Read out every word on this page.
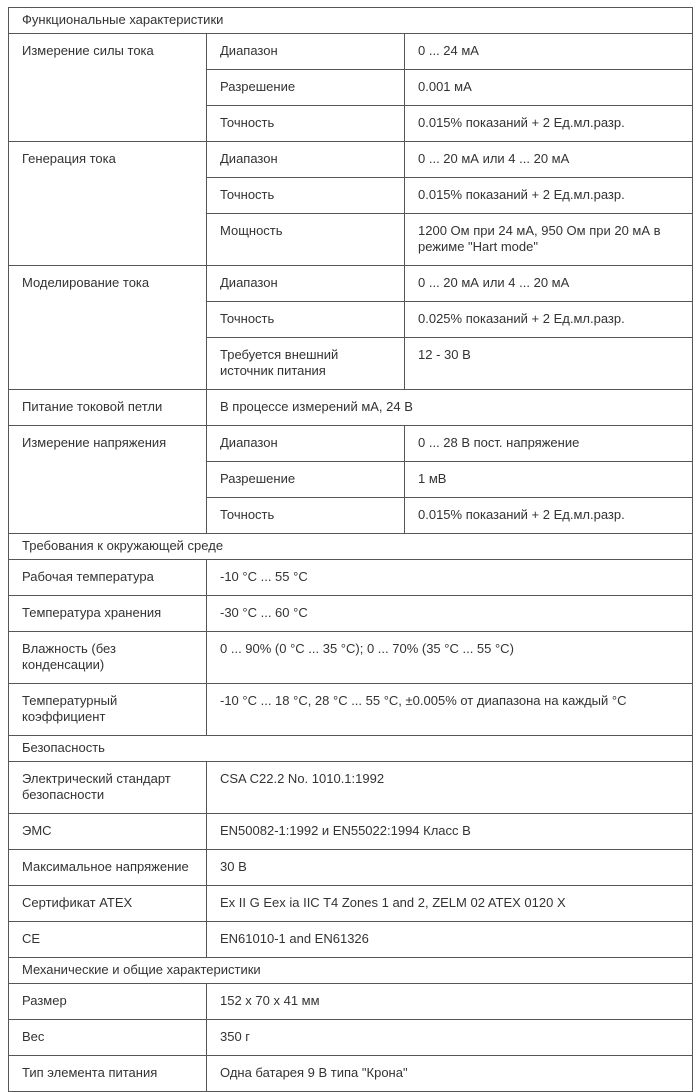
Функциональные характеристики		
Измерение силы тока	Диапазон	0 ... 24 мА
	Разрешение	0.001 мА
	Точность	0.015% показаний + 2 Ед.мл.разр.
Генерация тока	Диапазон	0 ... 20 мА или 4 ... 20 мА
	Точность	0.015% показаний + 2 Ед.мл.разр.
	Мощность	1200 Ом при 24 мА, 950 Ом при 20 мА в режиме "Hart mode"
Моделирование тока	Диапазон	0 ... 20 мА или 4 ... 20 мА
	Точность	0.025% показаний + 2 Ед.мл.разр.
	Требуется внешний источник питания	12 - 30 В
Питание токовой петли	В процессе измерений мА, 24 В	
Измерение напряжения	Диапазон	0 ... 28 В пост. напряжение
	Разрешение	1 мВ
	Точность	0.015% показаний + 2 Ед.мл.разр.
Требования к окружающей среде		
Рабочая температура	-10 °C ... 55 °C	
Температура хранения	-30 °C ... 60 °C	
Влажность (без конденсации)	0 ... 90% (0 °C ... 35 °C); 0 ... 70% (35 °C ... 55 °C)	
Температурный коэффициент	-10 °C ... 18 °C, 28 °C ... 55 °C, ±0.005% от диапазона на каждый °C	
Безопасность		
Электрический стандарт безопасности	CSA C22.2 No. 1010.1:1992	
ЭМС	EN50082-1:1992 и EN55022:1994 Класс В	
Максимальное напряжение	30 В	
Сертификат ATEX	Ex II G Eex ia IIC T4 Zones 1 and 2, ZELM 02 ATEX 0120 X	
CE	EN61010-1 and EN61326	
Механические и общие характеристики		
Размер	152 x 70 x 41 мм	
Вес	350 г	
Тип элемента питания	Одна батарея 9 В типа "Крона"	
